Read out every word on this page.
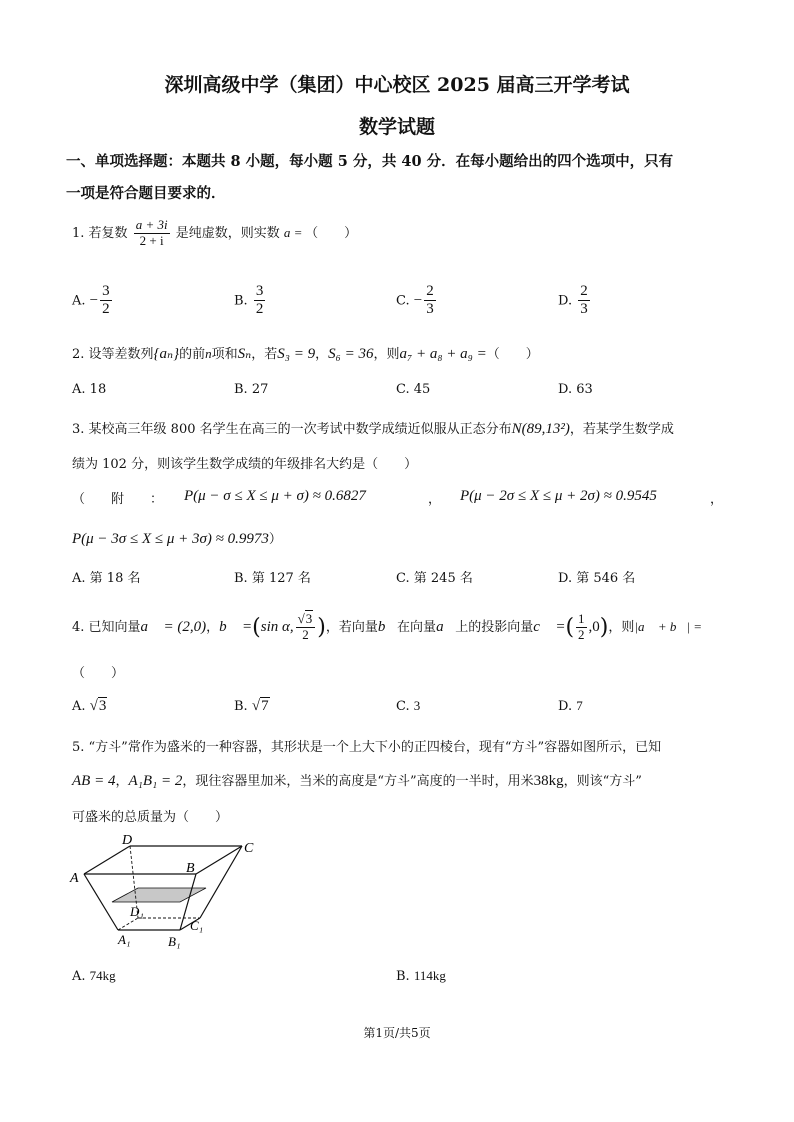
深圳高级中学（集团）中心校区 2025 届高三开学考试
数学试题
一、单项选择题：本题共 8 小题，每小题 5 分，共 40 分．在每小题给出的四个选项中，只有
一项是符合题目要求的．
1. 若复数 $\frac{a + 3i}{2 + i}$ 是纯虚数，则实数 a = （　　）
A. − $\frac{3}{2}$	B. $\frac{3}{2}$	C. − $\frac{2}{3}$	D. $\frac{2}{3}$
2. 设等差数列{aₙ}的前n项和Sₙ，若S₃ = 9，S₆ = 36，则a₇ + a₈ + a₉ =（　　）
A. 18	B. 27	C. 45	D. 63
3. 某校高三年级 800 名学生在高三的一次考试中数学成绩近似服从正态分布N(89,13²)，若某学生数学成
绩为 102 分，则该学生数学成绩的年级排名大约是（　　）
（　　附　　： P(μ − σ ≤ X ≤ μ + σ) ≈ 0.6827	， P(μ − 2σ ≤ X ≤ μ + 2σ) ≈ 0.9545	，
P(μ − 3σ ≤ X ≤ μ + 3σ) ≈ 0.9973）
A. 第 18 名	B. 第 127 名	C. 第 245 名	D. 第 546 名
4. 已知向量a⃗ = (2,0)，b⃗ =(sin α, $\frac{√3}{2}$ )，若向量b⃗在向量a⃗上的投影向量c⃗ =( $\frac{1}{2} ,0$)，则|a⃗ + b⃗| =
（　　）
A. √3	B. √7	C. 3	D. 7
5. “方斗”常作为盛米的一种容器，其形状是一个上大下小的正四棱台，现有“方斗”容器如图所示，已知
AB = 4，A₁B₁ = 2，现往容器里加米，当米的高度是“方斗”高度的一半时，用米38kg，则该“方斗”
可盛米的总质量为（　　）
D
C
A
B
D₁
C₁
A₁	B₁
A. 74kg	B. 114kg
第1页/共5页
